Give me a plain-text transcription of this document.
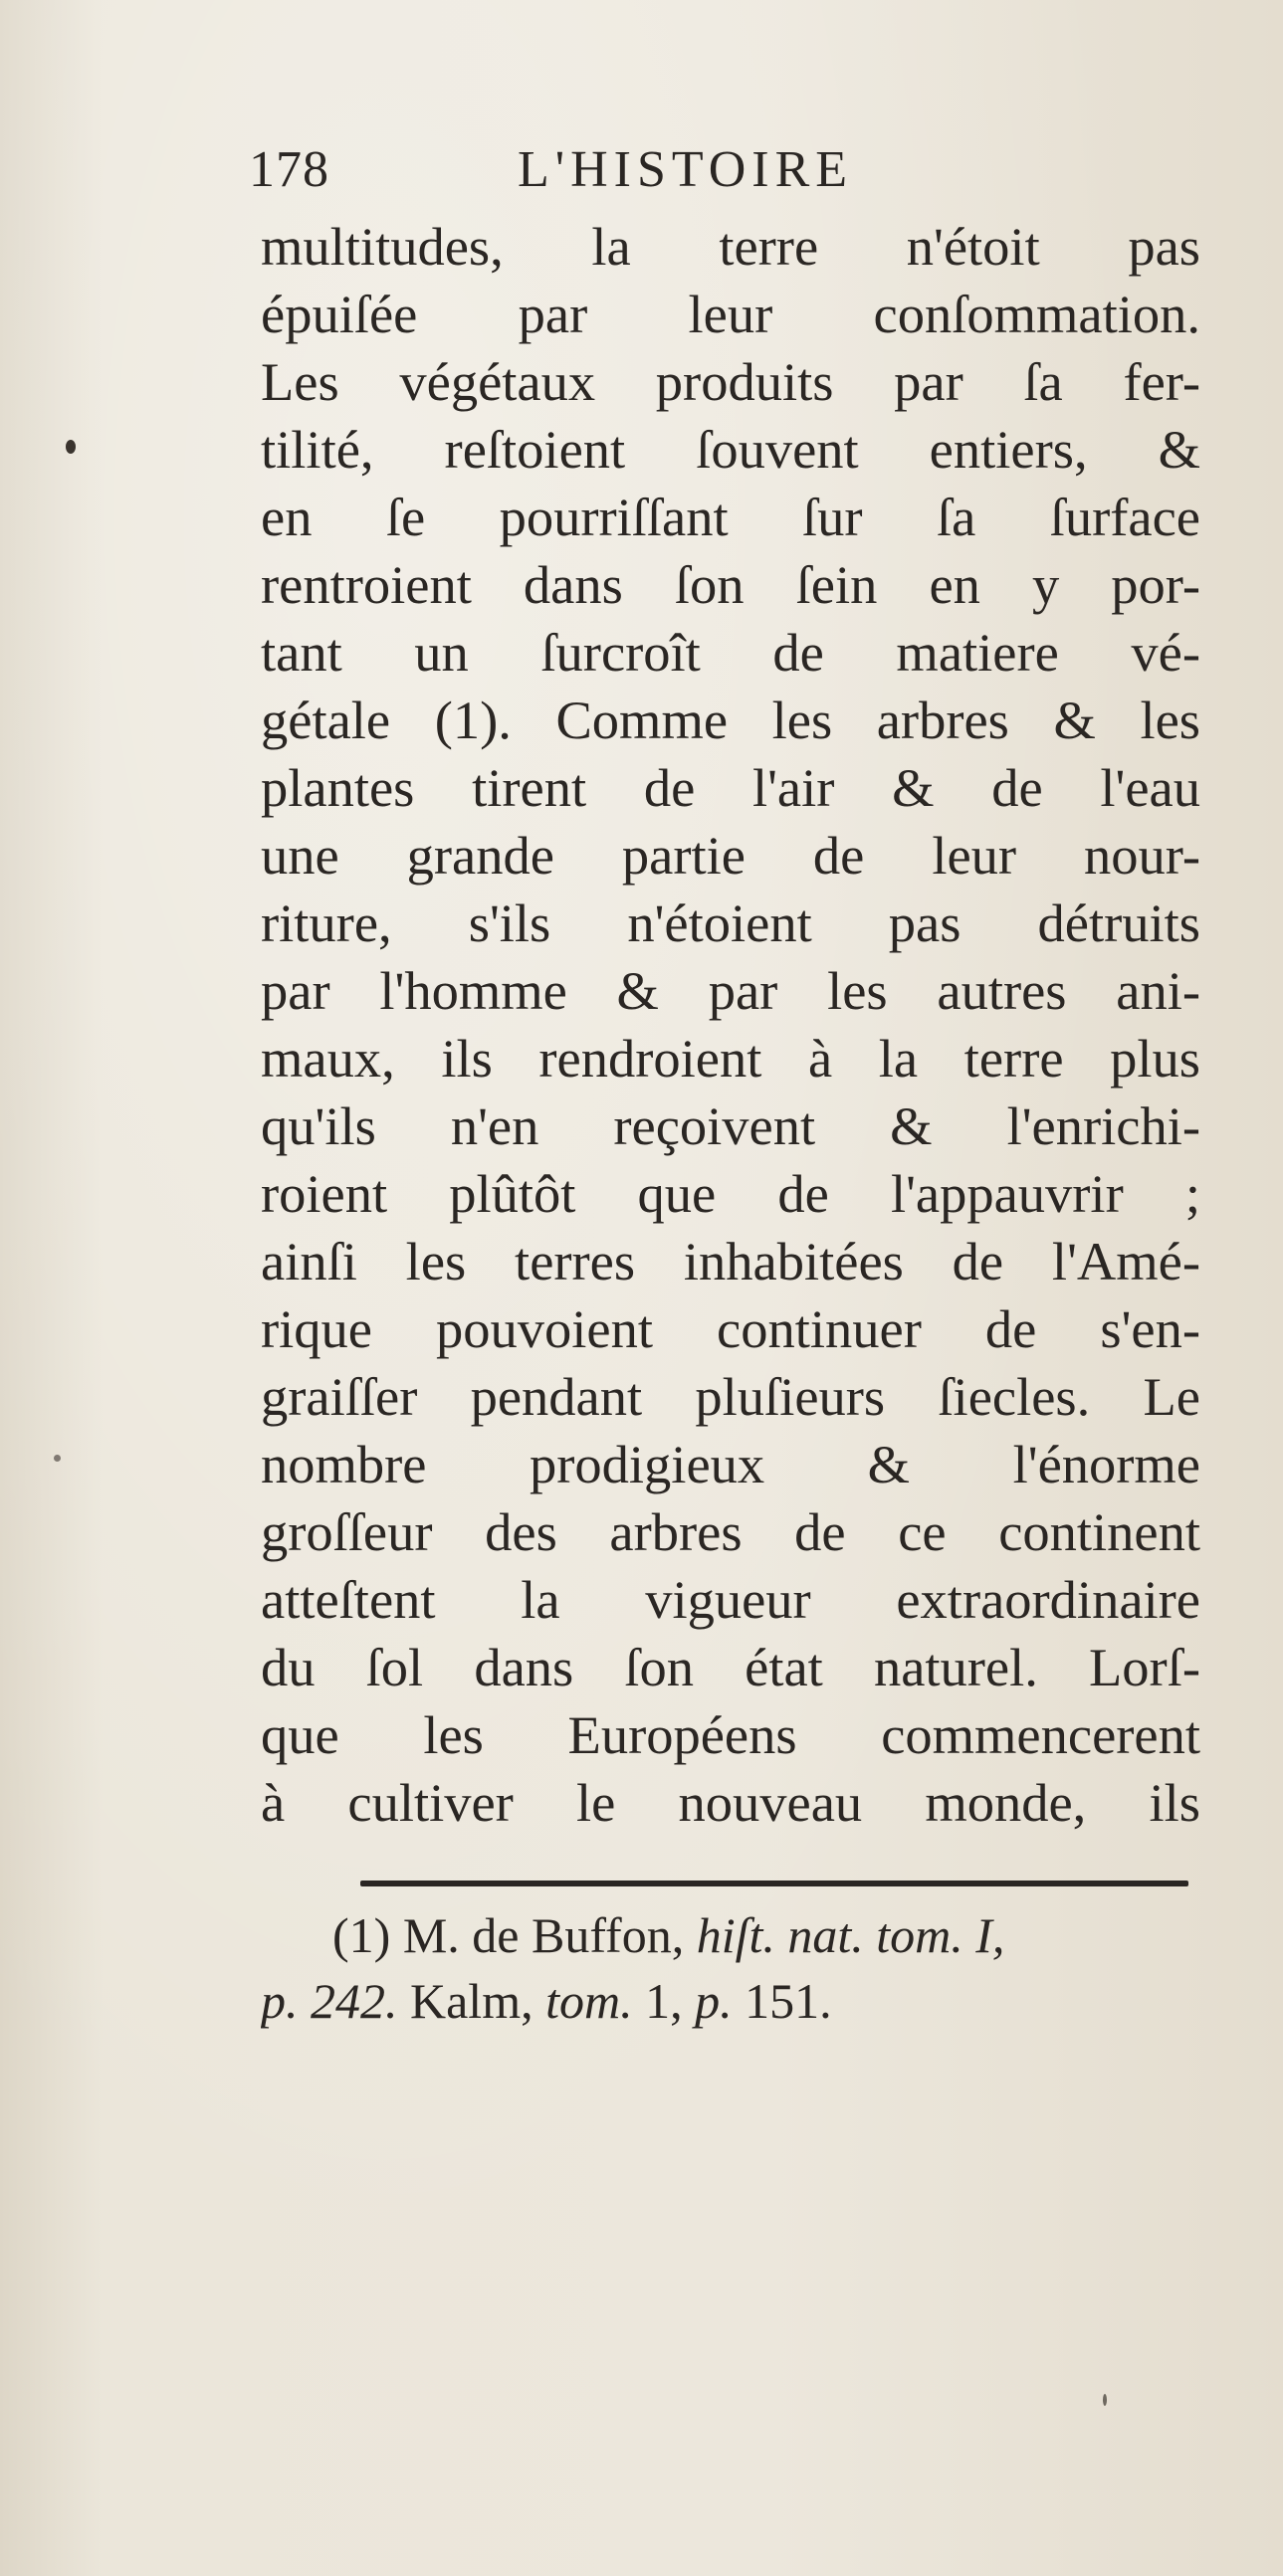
178	L'HISTOIRE
multitudes, la terre n'étoit pas
épuiſée par leur conſommation.
Les végétaux produits par ſa fer-
tilité, reſtoient ſouvent entiers, &
en ſe pourriſſant ſur ſa ſurface
rentroient dans ſon ſein en y por-
tant un ſurcroît de matiere vé-
gétale (1). Comme les arbres & les
plantes tirent de l'air & de l'eau
une grande partie de leur nour-
riture, s'ils n'étoient pas détruits
par l'homme & par les autres ani-
maux, ils rendroient à la terre plus
qu'ils n'en reçoivent & l'enrichi-
roient plûtôt que de l'appauvrir ;
ainſi les terres inhabitées de l'Amé-
rique pouvoient continuer de s'en-
graiſſer pendant pluſieurs ſiecles. Le
nombre prodigieux & l'énorme
groſſeur des arbres de ce continent
atteſtent la vigueur extraordinaire
du ſol dans ſon état naturel. Lorſ-
que les Européens commencerent
à cultiver le nouveau monde, ils
(1) M. de Buffon, hiſt. nat. tom. I,
p. 242. Kalm, tom. 1, p. 151.
